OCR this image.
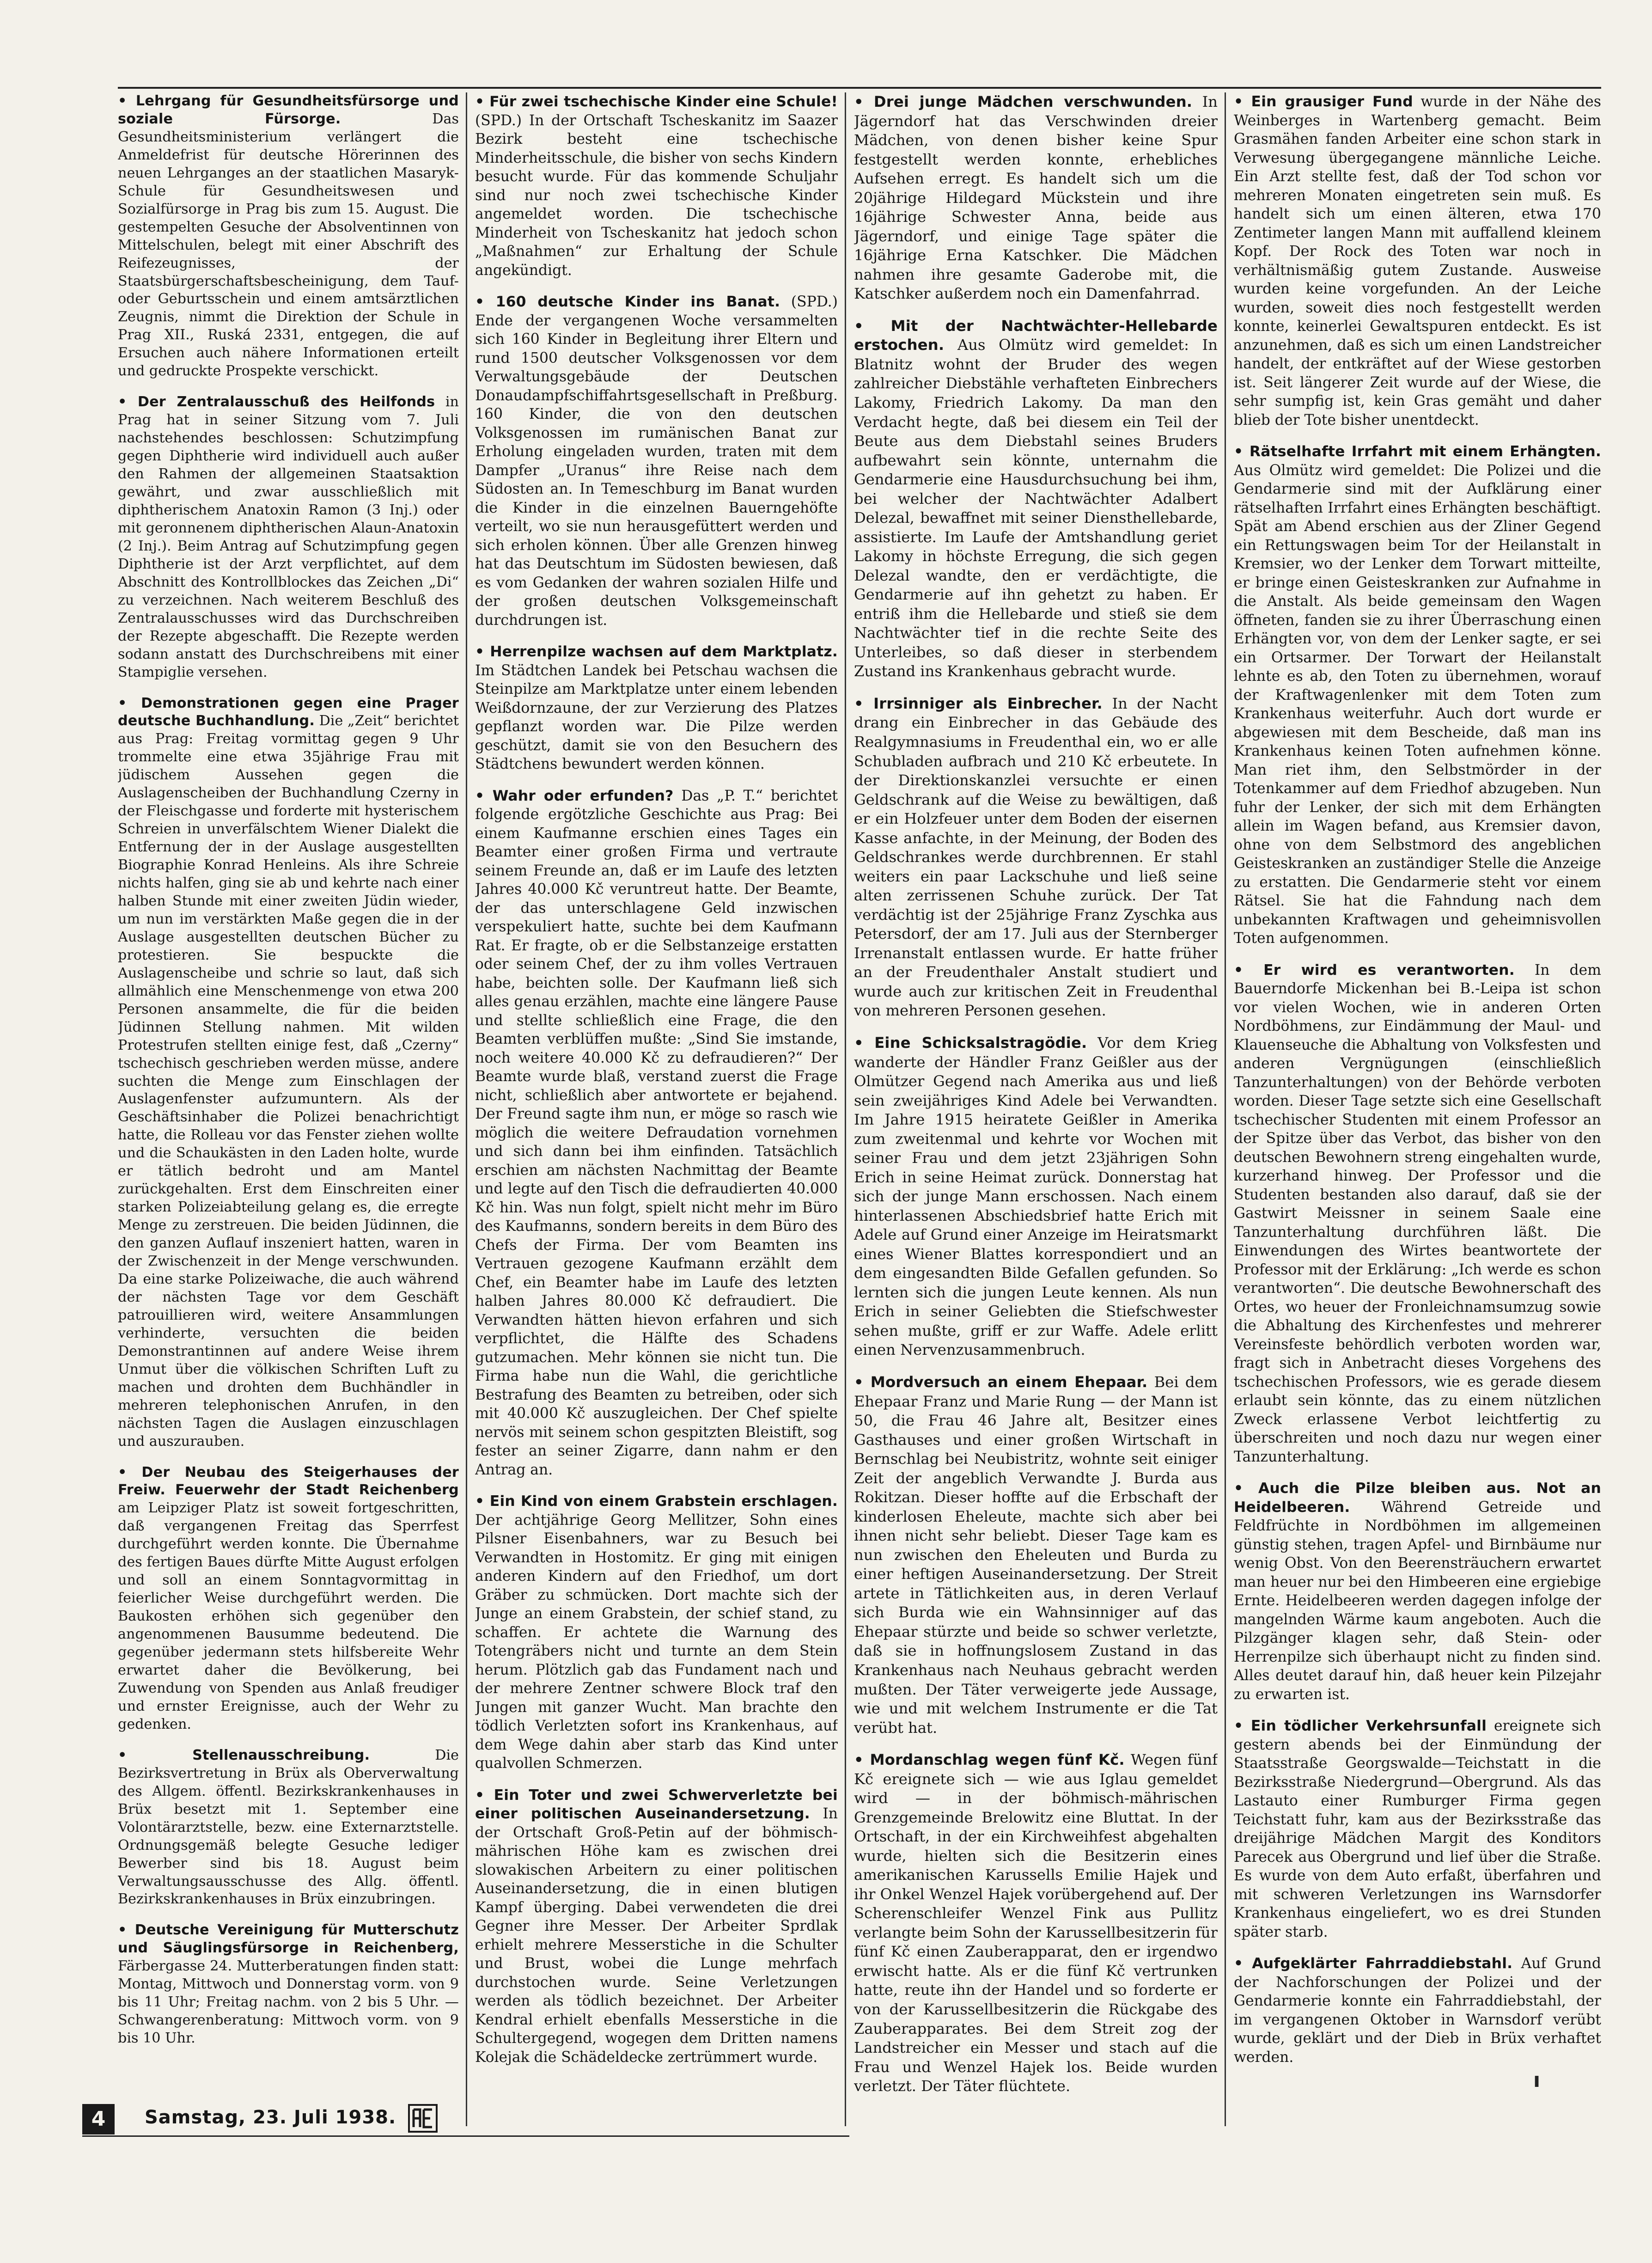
• Lehrgang für Gesundheitsfürsorge und soziale Fürsorge.	Das Gesundheitsministerium verlängert die Anmeldefrist für deutsche Hörerinnen des neuen Lehrganges an der staatlichen Masaryk-Schule für Gesundheitswesen und Sozialfürsorge in Prag bis zum 15. August. Die gestempelten Gesuche der Absolventinnen von Mittelschulen, belegt mit einer Abschrift des Reifezeugnisses, der Staatsbürgerschaftsbescheinigung, dem Tauf- oder Geburtsschein und einem amtsärztlichen Zeugnis, nimmt die Direktion der Schule in Prag XII., Ruská 2331, entgegen, die auf Ersuchen auch nähere Informationen erteilt und gedruckte Prospekte verschickt.

• Der Zentralausschuß des Heilfonds in Prag hat in seiner Sitzung vom 7. Juli nachstehendes beschlossen: Schutzimpfung gegen Diphtherie wird individuell auch außer den Rahmen der allgemeinen Staatsaktion gewährt, und zwar ausschließlich mit diphtherischem Anatoxin Ramon (3 Inj.) oder mit geronnenem diphtherischen Alaun-Anatoxin (2 Inj.). Beim Antrag auf Schutzimpfung gegen Diphtherie ist der Arzt verpflichtet, auf dem Abschnitt des Kontrollblockes das Zeichen „Di“ zu verzeichnen. Nach weiterem Beschluß des Zentralausschusses wird das Durchschreiben der Rezepte abgeschafft. Die Rezepte werden sodann anstatt des Durchschreibens mit einer Stampiglie versehen.

• Demonstrationen gegen eine Prager deutsche Buchhandlung. Die „Zeit“ berichtet aus Prag: Freitag vormittag gegen 9 Uhr trommelte eine etwa 35jährige Frau mit jüdischem Aussehen gegen die Auslagenscheiben der Buchhandlung Czerny in der Fleischgasse und forderte mit hysterischem Schreien in unverfälschtem Wiener Dialekt die Entfernung der in der Auslage ausgestellten Biographie Konrad Henleins. Als ihre Schreie nichts halfen, ging sie ab und kehrte nach einer halben Stunde mit einer zweiten Jüdin wieder, um nun im verstärkten Maße gegen die in der Auslage ausgestellten deutschen Bücher zu protestieren. Sie bespuckte die Auslagenscheibe und schrie so laut, daß sich allmählich eine Menschenmenge von etwa 200 Personen ansammelte, die für die beiden Jüdinnen Stellung nahmen. Mit wilden Protestrufen stellten einige fest, daß „Czerny“ tschechisch geschrieben werden müsse, andere suchten die Menge zum Einschlagen der Auslagenfenster aufzumuntern. Als der Geschäftsinhaber die Polizei benachrichtigt hatte, die Rolleau vor das Fenster ziehen wollte und die Schaukästen in den Laden holte, wurde er tätlich bedroht und am Mantel zurückgehalten. Erst dem Einschreiten einer starken Polizeiabteilung gelang es, die erregte Menge zu zerstreuen. Die beiden Jüdinnen, die den ganzen Auflauf inszeniert hatten, waren in der Zwischenzeit in der Menge verschwunden. Da eine starke Polizeiwache, die auch während der nächsten Tage vor dem Geschäft patrouillieren wird, weitere Ansammlungen verhinderte, versuchten die beiden Demonstrantinnen auf andere Weise ihrem Unmut über die völkischen Schriften Luft zu machen und drohten dem Buchhändler in mehreren telephonischen Anrufen, in den nächsten Tagen die Auslagen einzuschlagen und auszurauben.

• Der Neubau des Steigerhauses der Freiw. Feuerwehr der Stadt Reichenberg am Leipziger Platz ist soweit fortgeschritten, daß vergangenen Freitag das Sperrfest durchgeführt werden konnte. Die Übernahme des fertigen Baues dürfte Mitte August erfolgen und soll an einem Sonntagvormittag in feierlicher Weise durchgeführt werden. Die Baukosten erhöhen sich gegenüber den angenommenen Bausumme bedeutend. Die gegenüber jedermann stets hilfsbereite Wehr erwartet daher die Bevölkerung, bei Zuwendung von Spenden aus Anlaß freudiger und ernster Ereignisse, auch der Wehr zu gedenken.

• Stellenausschreibung.	Die Bezirksvertretung in Brüx als Oberverwaltung des Allgem. öffentl. Bezirkskrankenhauses in Brüx besetzt mit 1. September eine Volontärarztstelle, bezw. eine Externarztstelle. Ordnungsgemäß belegte Gesuche lediger Bewerber sind bis 18. August beim Verwaltungsausschusse des Allg. öffentl. Bezirkskrankenhauses in Brüx einzubringen.

• Deutsche Vereinigung für Mutterschutz und Säuglingsfürsorge in Reichenberg, Färbergasse 24. Mutterberatungen finden statt: Montag, Mittwoch und Donnerstag vorm. von 9 bis 11 Uhr; Freitag nachm. von 2 bis 5 Uhr. — Schwangerenberatung: Mittwoch vorm. von 9 bis 10 Uhr.

• Für zwei tschechische Kinder eine Schule! (SPD.) In der Ortschaft Tscheskanitz im Saazer Bezirk besteht eine tschechische Minderheitsschule, die bisher von sechs Kindern besucht wurde. Für das kommende Schuljahr sind nur noch zwei tschechische Kinder angemeldet worden. Die tschechische Minderheit von Tscheskanitz hat jedoch schon „Maßnahmen“ zur Erhaltung der Schule angekündigt.

• 160 deutsche Kinder ins Banat. (SPD.) Ende der vergangenen Woche versammelten sich 160 Kinder in Begleitung ihrer Eltern und rund 1500 deutscher Volksgenossen vor dem Verwaltungsgebäude der Deutschen Donaudampfschiffahrtsgesellschaft in Preßburg. 160 Kinder, die von den deutschen Volksgenossen im rumänischen Banat zur Erholung eingeladen wurden, traten mit dem Dampfer „Uranus“ ihre Reise nach dem Südosten an. In Temeschburg im Banat wurden die Kinder in die einzelnen Bauerngehöfte verteilt, wo sie nun herausgefüttert werden und sich erholen können. Über alle Grenzen hinweg hat das Deutschtum im Südosten bewiesen, daß es vom Gedanken der wahren sozialen Hilfe und der großen deutschen Volksgemeinschaft durchdrungen ist.

• Herrenpilze wachsen auf dem Marktplatz. Im Städtchen Landek bei Petschau wachsen die Steinpilze am Marktplatze unter einem lebenden Weißdornzaune, der zur Verzierung des Platzes gepflanzt worden war. Die Pilze werden geschützt, damit sie von den Besuchern des Städtchens bewundert werden können.

• Wahr oder erfunden? Das „P. T.“ berichtet folgende ergötzliche Geschichte aus Prag: Bei einem Kaufmanne erschien eines Tages ein Beamter einer großen Firma und vertraute seinem Freunde an, daß er im Laufe des letzten Jahres 40.000 Kč veruntreut hatte. Der Beamte, der das unterschlagene Geld inzwischen verspekuliert hatte, suchte bei dem Kaufmann Rat. Er fragte, ob er die Selbstanzeige erstatten oder seinem Chef, der zu ihm volles Vertrauen habe, beichten solle. Der Kaufmann ließ sich alles genau erzählen, machte eine längere Pause und stellte schließlich eine Frage, die den Beamten verblüffen mußte: „Sind Sie imstande, noch weitere 40.000 Kč zu defraudieren?“ Der Beamte wurde blaß, verstand zuerst die Frage nicht, schließlich aber antwortete er bejahend. Der Freund sagte ihm nun, er möge so rasch wie möglich die weitere Defraudation vornehmen und sich dann bei ihm einfinden. Tatsächlich erschien am nächsten Nachmittag der Beamte und legte auf den Tisch die defraudierten 40.000 Kč hin. Was nun folgt, spielt nicht mehr im Büro des Kaufmanns, sondern bereits in dem Büro des Chefs der Firma. Der vom Beamten ins Vertrauen gezogene Kaufmann erzählt dem Chef, ein Beamter habe im Laufe des letzten halben Jahres 80.000 Kč defraudiert. Die Verwandten hätten hievon erfahren und sich verpflichtet, die Hälfte des Schadens gutzumachen. Mehr können sie nicht tun. Die Firma habe nun die Wahl, die gerichtliche Bestrafung des Beamten zu betreiben, oder sich mit 40.000 Kč auszugleichen. Der Chef spielte nervös mit seinem schon gespitzten Bleistift, sog fester an seiner Zigarre, dann nahm er den Antrag an.

• Ein Kind von einem Grabstein erschlagen. Der achtjährige Georg Mellitzer, Sohn eines Pilsner Eisenbahners, war zu Besuch bei Verwandten in Hostomitz. Er ging mit einigen anderen Kindern auf den Friedhof, um dort Gräber zu schmücken. Dort machte sich der Junge an einem Grabstein, der schief stand, zu schaffen. Er achtete die Warnung des Totengräbers nicht und turnte an dem Stein herum. Plötzlich gab das Fundament nach und der mehrere Zentner schwere Block traf den Jungen mit ganzer Wucht. Man brachte den tödlich Verletzten sofort ins Krankenhaus, auf dem Wege dahin aber starb das Kind unter qualvollen Schmerzen.

• Ein Toter und zwei Schwerverletzte bei einer politischen Auseinandersetzung. In der Ortschaft Groß-Petin auf der böhmisch-mährischen Höhe kam es zwischen drei slowakischen Arbeitern zu einer politischen Auseinandersetzung, die in einen blutigen Kampf überging. Dabei verwendeten die drei Gegner ihre Messer. Der Arbeiter Sprdlak erhielt mehrere Messerstiche in die Schulter und Brust, wobei die Lunge mehrfach durchstochen wurde. Seine Verletzungen werden als tödlich bezeichnet. Der Arbeiter Kendral erhielt ebenfalls Messerstiche in die Schultergegend, wogegen dem Dritten namens Kolejak die Schädeldecke zertrümmert wurde.

• Drei junge Mädchen verschwunden. In Jägerndorf hat das Verschwinden dreier Mädchen, von denen bisher keine Spur festgestellt werden konnte, erhebliches Aufsehen erregt. Es handelt sich um die 20jährige Hildegard Mückstein und ihre 16jährige Schwester Anna, beide aus Jägerndorf, und einige Tage später die 16jährige Erna Katschker. Die Mädchen nahmen ihre gesamte Gaderobe mit, die Katschker außerdem noch ein Damenfahrrad.

• Mit der Nachtwächter-Hellebarde erstochen. Aus Olmütz wird gemeldet: In Blatnitz wohnt der Bruder des wegen zahlreicher Diebstähle verhafteten Einbrechers Lakomy, Friedrich Lakomy. Da man den Verdacht hegte, daß bei diesem ein Teil der Beute aus dem Diebstahl seines Bruders aufbewahrt sein könnte, unternahm die Gendarmerie eine Hausdurchsuchung bei ihm, bei welcher der Nachtwächter Adalbert Delezal, bewaffnet mit seiner Diensthellebarde, assistierte. Im Laufe der Amtshandlung geriet Lakomy in höchste Erregung, die sich gegen Delezal wandte, den er verdächtigte, die Gendarmerie auf ihn gehetzt zu haben. Er entriß ihm die Hellebarde und stieß sie dem Nachtwächter tief in die rechte Seite des Unterleibes, so daß dieser in sterbendem Zustand ins Krankenhaus gebracht wurde.

• Irrsinniger als Einbrecher. In der Nacht drang ein Einbrecher in das Gebäude des Realgymnasiums in Freudenthal ein, wo er alle Schubladen aufbrach und 210 Kč erbeutete. In der Direktionskanzlei versuchte er einen Geldschrank auf die Weise zu bewältigen, daß er ein Holzfeuer unter dem Boden der eisernen Kasse anfachte, in der Meinung, der Boden des Geldschrankes werde durchbrennen. Er stahl weiters ein paar Lackschuhe und ließ seine alten zerrissenen Schuhe zurück. Der Tat verdächtig ist der 25jährige Franz Zyschka aus Petersdorf, der am 17. Juli aus der Sternberger Irrenanstalt entlassen wurde. Er hatte früher an der Freudenthaler Anstalt studiert und wurde auch zur kritischen Zeit in Freudenthal von mehreren Personen gesehen.

• Eine Schicksalstragödie. Vor dem Krieg wanderte der Händler Franz Geißler aus der Olmützer Gegend nach Amerika aus und ließ sein zweijähriges Kind Adele bei Verwandten. Im Jahre 1915 heiratete Geißler in Amerika zum zweitenmal und kehrte vor Wochen mit seiner Frau und dem jetzt 23jährigen Sohn Erich in seine Heimat zurück. Donnerstag hat sich der junge Mann erschossen. Nach einem hinterlassenen Abschiedsbrief hatte Erich mit Adele auf Grund einer Anzeige im Heiratsmarkt eines Wiener Blattes korrespondiert und an dem eingesandten Bilde Gefallen gefunden. So lernten sich die jungen Leute kennen. Als nun Erich in seiner Geliebten die Stiefschwester sehen mußte, griff er zur Waffe. Adele erlitt einen Nervenzusammenbruch.

• Mordversuch an einem Ehepaar. Bei dem Ehepaar Franz und Marie Rung — der Mann ist 50, die Frau 46 Jahre alt, Besitzer eines Gasthauses und einer großen Wirtschaft in Bernschlag bei Neubistritz, wohnte seit einiger Zeit der angeblich Verwandte J. Burda aus Rokitzan. Dieser hoffte auf die Erbschaft der kinderlosen Eheleute, machte sich aber bei ihnen nicht sehr beliebt. Dieser Tage kam es nun zwischen den Eheleuten und Burda zu einer heftigen Auseinandersetzung. Der Streit artete in Tätlichkeiten aus, in deren Verlauf sich Burda wie ein Wahnsinniger auf das Ehepaar stürzte und beide so schwer verletzte, daß sie in hoffnungslosem Zustand in das Krankenhaus nach Neuhaus gebracht werden mußten. Der Täter verweigerte jede Aussage, wie und mit welchem Instrumente er die Tat verübt hat.

• Mordanschlag wegen fünf Kč. Wegen fünf Kč ereignete sich — wie aus Iglau gemeldet wird — in der böhmisch-mährischen Grenzgemeinde Brelowitz eine Bluttat. In der Ortschaft, in der ein Kirchweihfest abgehalten wurde, hielten sich die Besitzerin eines amerikanischen Karussells Emilie Hajek und ihr Onkel Wenzel Hajek vorübergehend auf. Der Scherenschleifer Wenzel Fink aus Pullitz verlangte beim Sohn der Karussellbesitzerin für fünf Kč einen Zauberapparat, den er irgendwo erwischt hatte. Als er die fünf Kč vertrunken hatte, reute ihn der Handel und so forderte er von der Karussellbesitzerin die Rückgabe des Zauberapparates. Bei dem Streit zog der Landstreicher ein Messer und stach auf die Frau und Wenzel Hajek los. Beide wurden verletzt. Der Täter flüchtete.

• Ein grausiger Fund wurde in der Nähe des Weinberges in Wartenberg gemacht. Beim Grasmähen fanden Arbeiter eine schon stark in Verwesung übergegangene männliche Leiche. Ein Arzt stellte fest, daß der Tod schon vor mehreren Monaten eingetreten sein muß. Es handelt sich um einen älteren, etwa 170 Zentimeter langen Mann mit auffallend kleinem Kopf. Der Rock des Toten war noch in verhältnismäßig gutem Zustande. Ausweise wurden keine vorgefunden. An der Leiche wurden, soweit dies noch festgestellt werden konnte, keinerlei Gewaltspuren entdeckt. Es ist anzunehmen, daß es sich um einen Landstreicher handelt, der entkräftet auf der Wiese gestorben ist. Seit längerer Zeit wurde auf der Wiese, die sehr sumpfig ist, kein Gras gemäht und daher blieb der Tote bisher unentdeckt.

• Rätselhafte Irrfahrt mit einem Erhängten. Aus Olmütz wird gemeldet: Die Polizei und die Gendarmerie sind mit der Aufklärung einer rätselhaften Irrfahrt eines Erhängten beschäftigt. Spät am Abend erschien aus der Zliner Gegend ein Rettungswagen beim Tor der Heilanstalt in Kremsier, wo der Lenker dem Torwart mitteilte, er bringe einen Geisteskranken zur Aufnahme in die Anstalt. Als beide gemeinsam den Wagen öffneten, fanden sie zu ihrer Überraschung einen Erhängten vor, von dem der Lenker sagte, er sei ein Ortsarmer. Der Torwart der Heilanstalt lehnte es ab, den Toten zu übernehmen, worauf der Kraftwagenlenker mit dem Toten zum Krankenhaus weiterfuhr. Auch dort wurde er abgewiesen mit dem Bescheide, daß man ins Krankenhaus keinen Toten aufnehmen könne. Man riet ihm, den Selbstmörder in der Totenkammer auf dem Friedhof abzugeben. Nun fuhr der Lenker, der sich mit dem Erhängten allein im Wagen befand, aus Kremsier davon, ohne von dem Selbstmord des angeblichen Geisteskranken an zuständiger Stelle die Anzeige zu erstatten. Die Gendarmerie steht vor einem Rätsel. Sie hat die Fahndung nach dem unbekannten Kraftwagen und geheimnisvollen Toten aufgenommen.

• Er wird es verantworten. In dem Bauerndorfe Mickenhan bei B.-Leipa ist schon vor vielen Wochen, wie in anderen Orten Nordböhmens, zur Eindämmung der Maul- und Klauenseuche die Abhaltung von Volksfesten und anderen Vergnügungen (einschließlich Tanzunterhaltungen) von der Behörde verboten worden. Dieser Tage setzte sich eine Gesellschaft tschechischer Studenten mit einem Professor an der Spitze über das Verbot, das bisher von den deutschen Bewohnern streng eingehalten wurde, kurzerhand hinweg. Der Professor und die Studenten bestanden also darauf, daß sie der Gastwirt Meissner in seinem Saale eine Tanzunterhaltung durchführen läßt. Die Einwendungen des Wirtes beantwortete der Professor mit der Erklärung: „Ich werde es schon verantworten“. Die deutsche Bewohnerschaft des Ortes, wo heuer der Fronleichnamsumzug sowie die Abhaltung des Kirchenfestes und mehrerer Vereinsfeste behördlich verboten worden war, fragt sich in Anbetracht dieses Vorgehens des tschechischen Professors, wie es gerade diesem erlaubt sein könnte, das zu einem nützlichen Zweck erlassene Verbot leichtfertig zu überschreiten und noch dazu nur wegen einer Tanzunterhaltung.

• Auch die Pilze bleiben aus. Not an Heidelbeeren. Während Getreide und Feldfrüchte in Nordböhmen im allgemeinen günstig stehen, tragen Apfel- und Birnbäume nur wenig Obst. Von den Beerensträuchern erwartet man heuer nur bei den Himbeeren eine ergiebige Ernte. Heidelbeeren werden dagegen infolge der mangelnden Wärme kaum angeboten. Auch die Pilzgänger klagen sehr, daß Stein- oder Herrenpilze sich überhaupt nicht zu finden sind. Alles deutet darauf hin, daß heuer kein Pilzejahr zu erwarten ist.

• Ein tödlicher Verkehrsunfall ereignete sich gestern abends bei der Einmündung der Staatsstraße Georgswalde—Teichstatt in die Bezirksstraße Niedergrund—Obergrund. Als das Lastauto einer Rumburger Firma gegen Teichstatt fuhr, kam aus der Bezirksstraße das dreijährige Mädchen Margit des Konditors Parecek aus Obergrund und lief über die Straße. Es wurde von dem Auto erfaßt, überfahren und mit schweren Verletzungen ins Warnsdorfer Krankenhaus eingeliefert, wo es drei Stunden später starb.

• Aufgeklärter Fahrraddiebstahl. Auf Grund der Nachforschungen der Polizei und der Gendarmerie konnte ein Fahrraddiebstahl, der im vergangenen Oktober in Warnsdorf verübt wurde, geklärt und der Dieb in Brüx verhaftet werden.

4	Samstag, 23. Juli 1938.
ı
